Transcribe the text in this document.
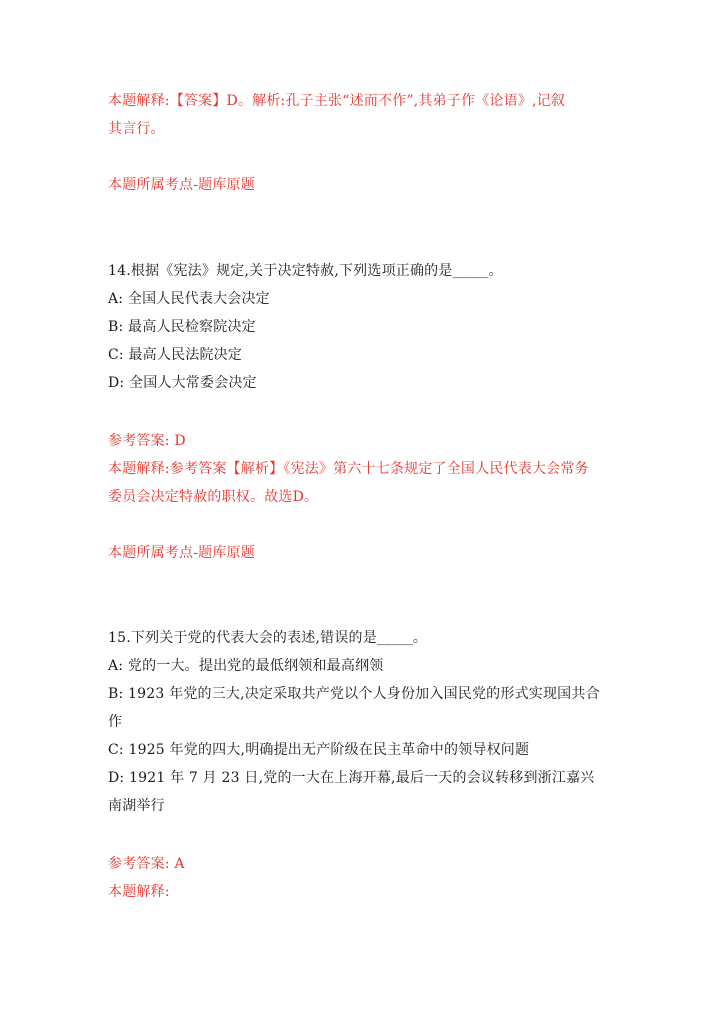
本题解释:【答案】D。解析:孔子主张“述而不作”,其弟子作《论语》,记叙
其言行。
本题所属考点-题库原题
14.根据《宪法》规定,关于决定特赦,下列选项正确的是_____。
A: 全国人民代表大会决定
B: 最高人民检察院决定
C: 最高人民法院决定
D: 全国人大常委会决定
参考答案: D
本题解释:参考答案【解析】《宪法》第六十七条规定了全国人民代表大会常务
委员会决定特赦的职权。故选D。
本题所属考点-题库原题
15.下列关于党的代表大会的表述,错误的是_____。
A: 党的一大。提出党的最低纲领和最高纲领
B: 1923 年党的三大,决定采取共产党以个人身份加入国民党的形式实现国共合
作
C: 1925 年党的四大,明确提出无产阶级在民主革命中的领导权问题
D: 1921 年 7 月 23 日,党的一大在上海开幕,最后一天的会议转移到浙江嘉兴
南湖举行
参考答案: A
本题解释:
